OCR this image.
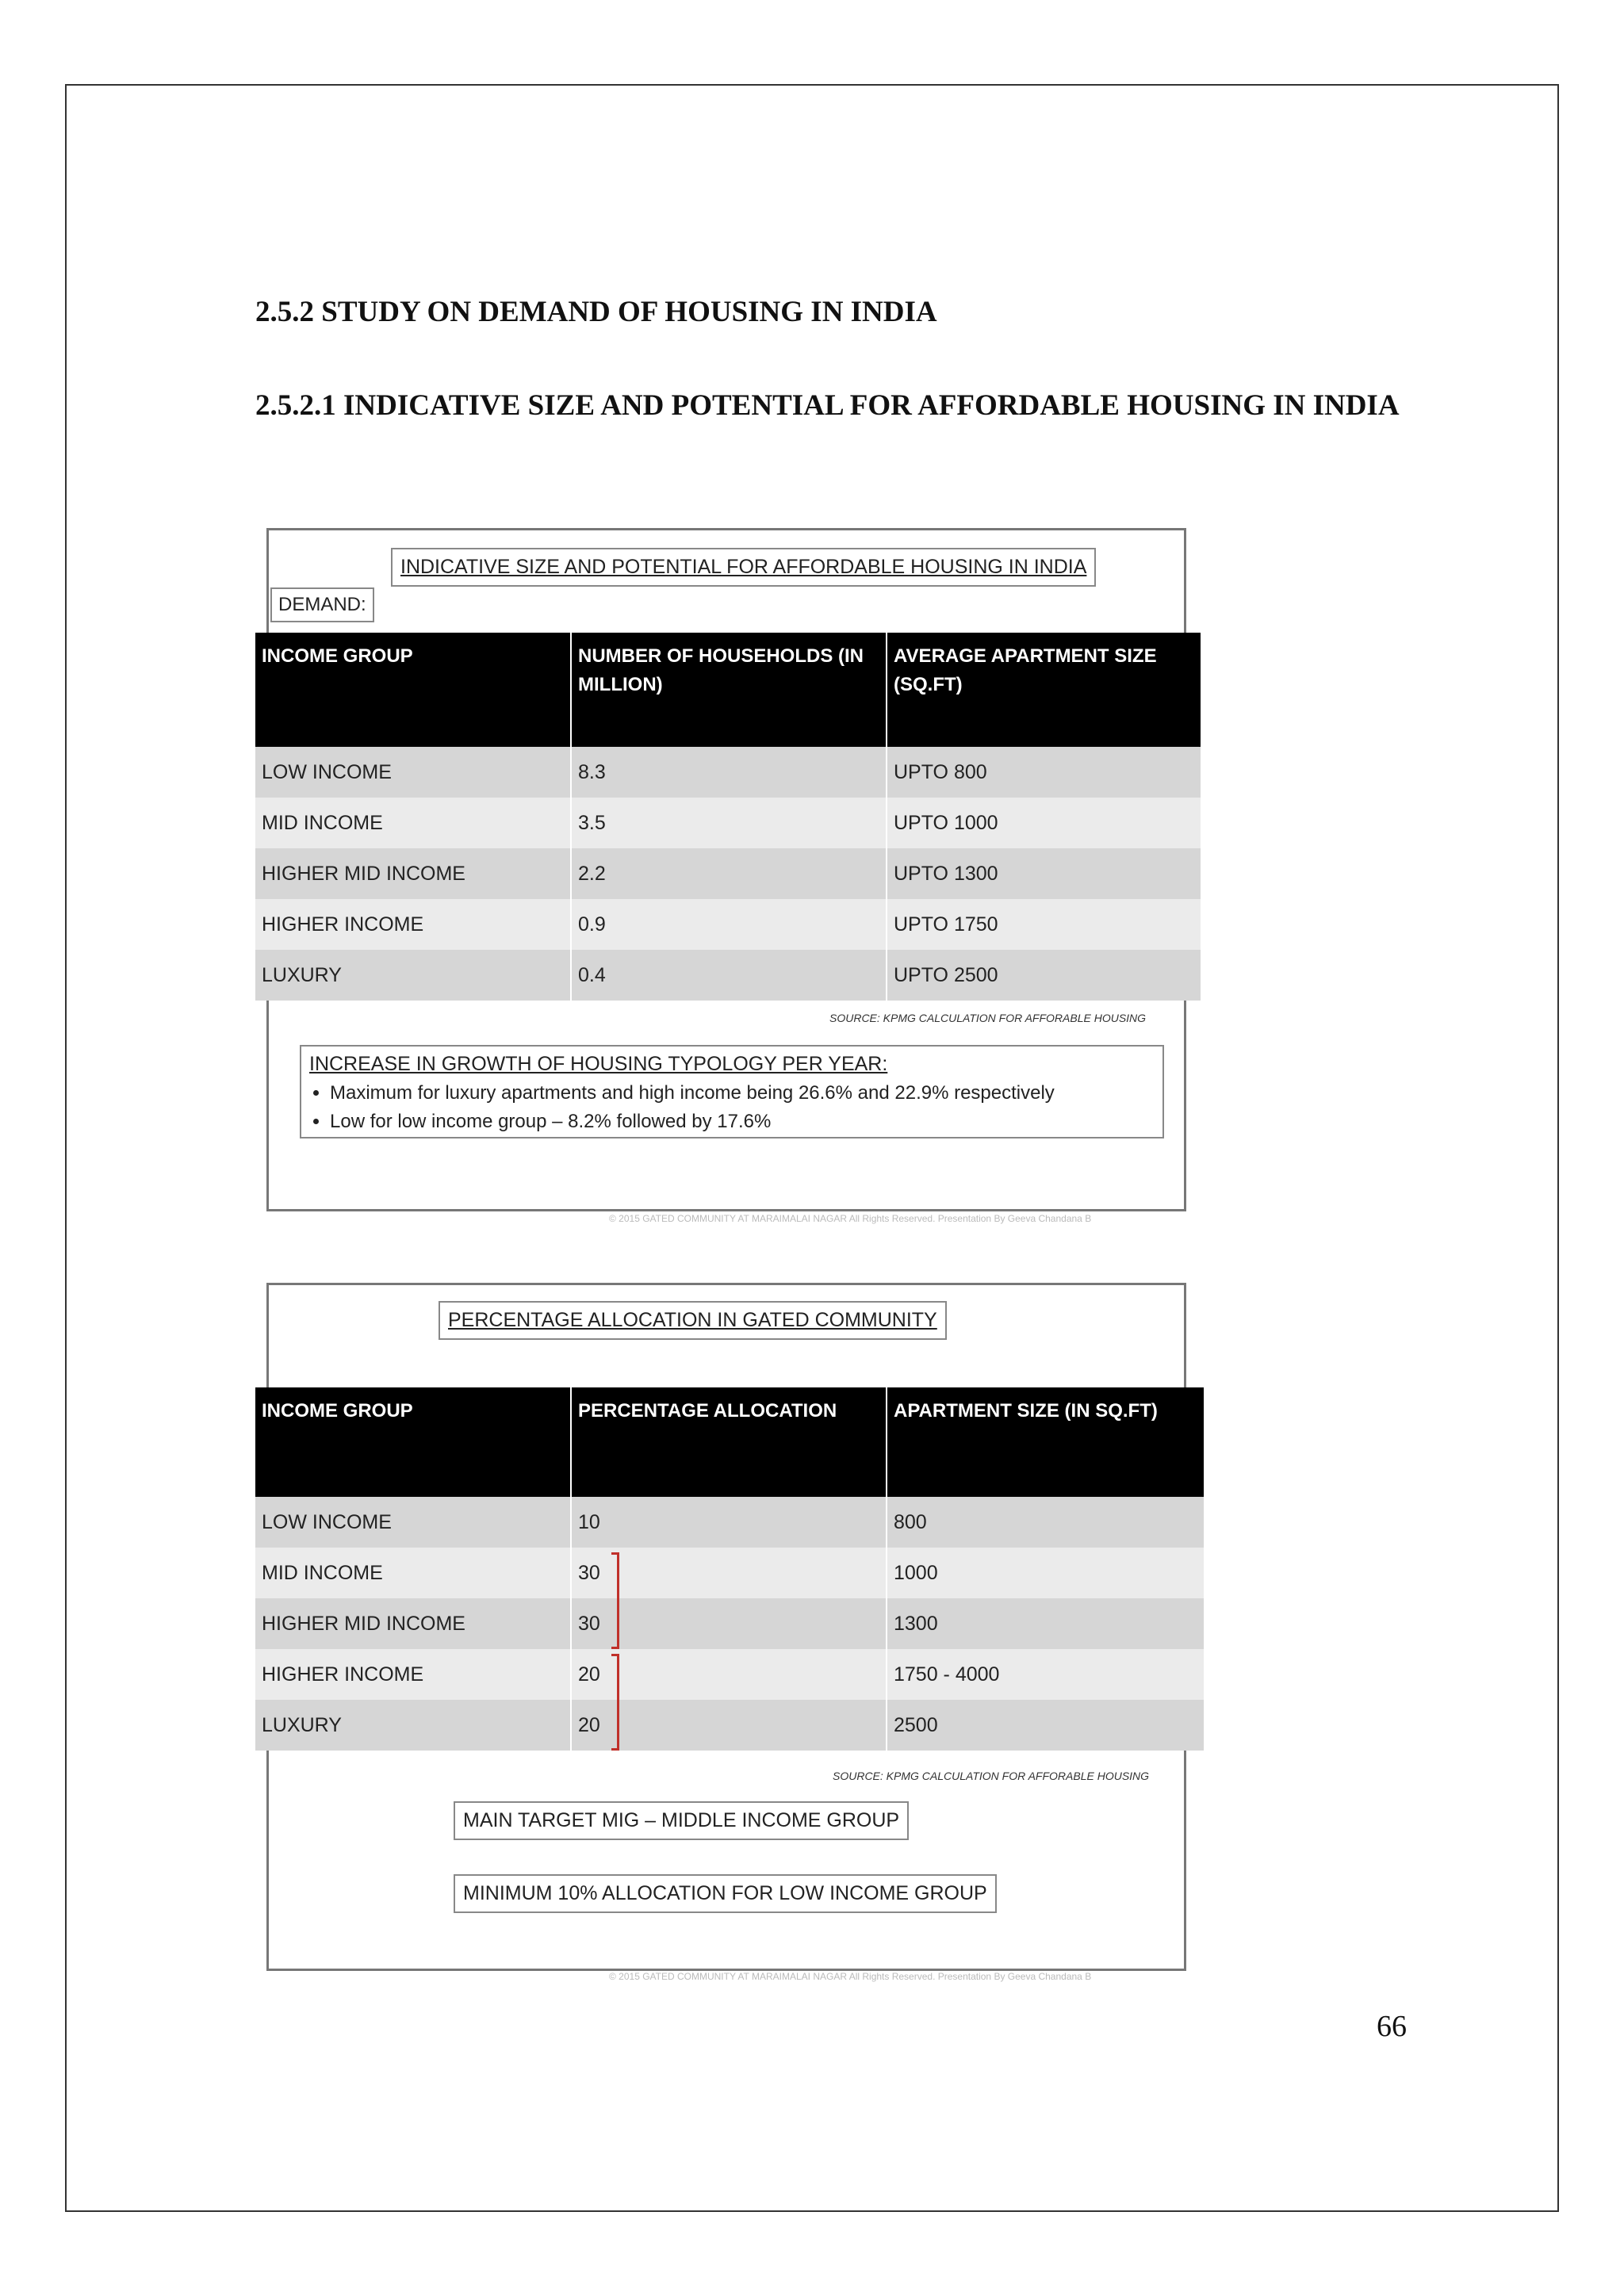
2.5.2 STUDY ON DEMAND OF HOUSING IN INDIA
2.5.2.1 INDICATIVE SIZE AND POTENTIAL FOR AFFORDABLE HOUSING IN INDIA
INDICATIVE SIZE AND POTENTIAL FOR AFFORDABLE HOUSING IN INDIA
DEMAND:
INCOME GROUP	NUMBER OF HOUSEHOLDS (IN MILLION)	AVERAGE APARTMENT SIZE (SQ.FT)
LOW INCOME	8.3	UPTO 800
MID INCOME	3.5	UPTO 1000
HIGHER MID INCOME	2.2	UPTO 1300
HIGHER INCOME	0.9	UPTO 1750
LUXURY	0.4	UPTO 2500
SOURCE: KPMG CALCULATION FOR AFFORABLE HOUSING

INCREASE IN GROWTH OF HOUSING TYPOLOGY PER YEAR:

• Maximum for luxury apartments and high income being 26.6% and 22.9% respectively
• Low for low income group – 8.2% followed by 17.6%
© 2015 GATED COMMUNITY AT MARAIMALAI NAGAR All Rights Reserved. Presentation By Geeva Chandana B
PERCENTAGE ALLOCATION IN GATED COMMUNITY
INCOME GROUP	PERCENTAGE ALLOCATION	APARTMENT SIZE (IN SQ.FT)
LOW INCOME	10	800
MID INCOME	30	1000
HIGHER MID INCOME	30	1300
HIGHER INCOME	20	1750 - 4000
LUXURY	20	2500
SOURCE: KPMG CALCULATION FOR AFFORABLE HOUSING
MAIN TARGET MIG – MIDDLE INCOME GROUP
MINIMUM 10% ALLOCATION FOR LOW INCOME GROUP
© 2015 GATED COMMUNITY AT MARAIMALAI NAGAR All Rights Reserved. Presentation By Geeva Chandana B
66
